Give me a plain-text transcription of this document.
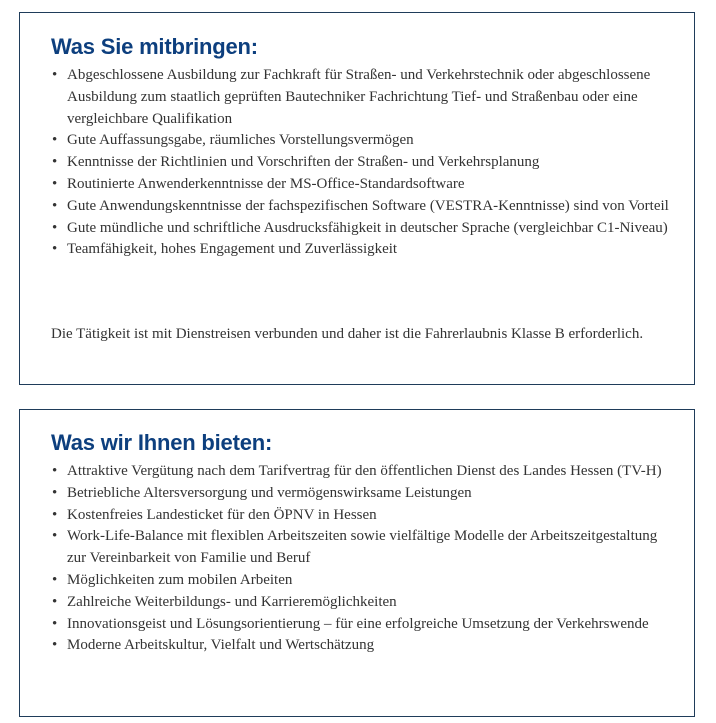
Was Sie mitbringen:
• Abgeschlossene Ausbildung zur Fachkraft für Straßen- und Verkehrstechnik oder abgeschlossene Ausbildung zum staatlich geprüften Bautechniker Fachrichtung Tief- und Straßenbau oder eine vergleichbare Qualifikation
• Gute Auffassungsgabe, räumliches Vorstellungsvermögen
• Kenntnisse der Richtlinien und Vorschriften der Straßen- und Verkehrsplanung
• Routinierte Anwenderkenntnisse der MS-Office-Standardsoftware
• Gute Anwendungskenntnisse der fachspezifischen Software (VESTRA-Kenntnisse) sind von Vorteil
• Gute mündliche und schriftliche Ausdrucksfähigkeit in deutscher Sprache (vergleichbar C1-Niveau)
• Teamfähigkeit, hohes Engagement und Zuverlässigkeit

Die Tätigkeit ist mit Dienstreisen verbunden und daher ist die Fahrerlaubnis Klasse B erforderlich.

Was wir Ihnen bieten:
• Attraktive Vergütung nach dem Tarifvertrag für den öffentlichen Dienst des Landes Hessen (TV-H)
• Betriebliche Altersversorgung und vermögenswirksame Leistungen
• Kostenfreies Landesticket für den ÖPNV in Hessen
• Work-Life-Balance mit flexiblen Arbeitszeiten sowie vielfältige Modelle der Arbeitszeitgestaltung zur Vereinbarkeit von Familie und Beruf
• Möglichkeiten zum mobilen Arbeiten
• Zahlreiche Weiterbildungs- und Karrieremöglichkeiten
• Innovationsgeist und Lösungsorientierung – für eine erfolgreiche Umsetzung der Verkehrswende
• Moderne Arbeitskultur, Vielfalt und Wertschätzung
